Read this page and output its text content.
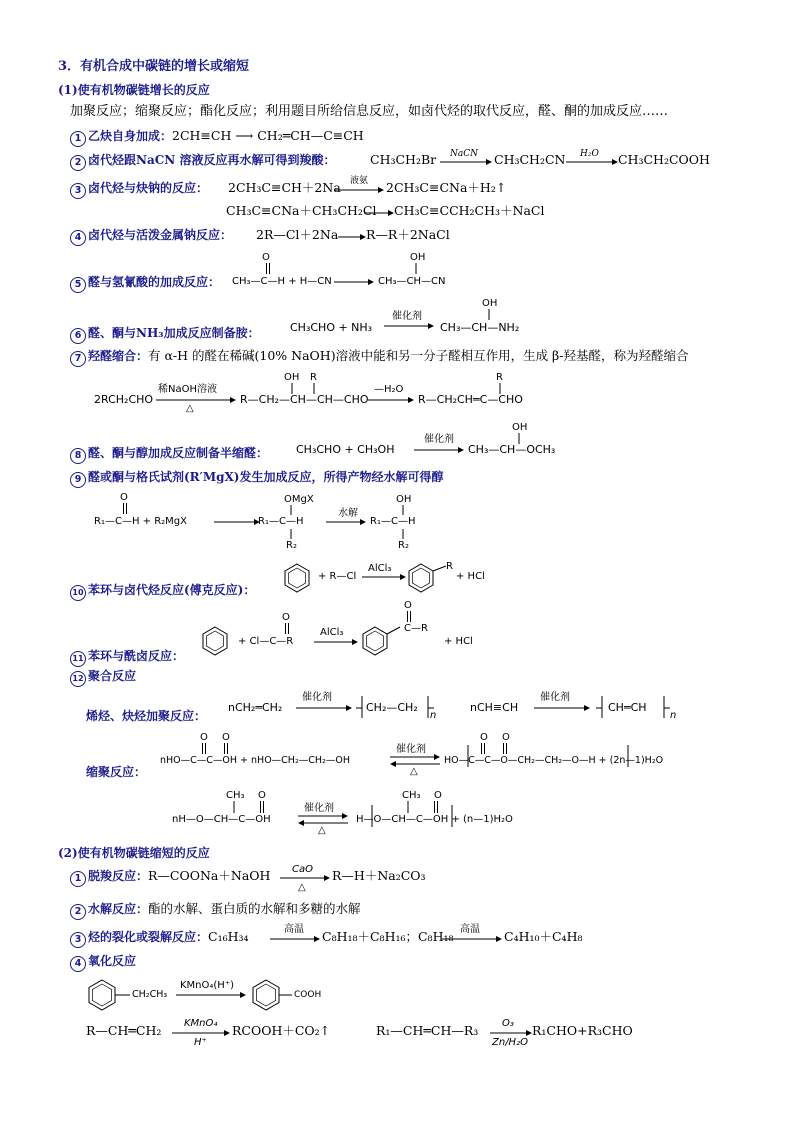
3．有机合成中碳链的增长或缩短
(1)使有机物碳链增长的反应
加聚反应；缩聚反应；酯化反应；利用题目所给信息反应，如卤代烃的取代反应，醛、酮的加成反应……
1 乙炔自身加成：2CH≡CH ⟶ CH₂═CH—C≡CH
2 卤代烃跟NaCN 溶液反应再水解可得到羧酸：	CH₃CH₂Br NaCN CH₃CH₂CN H₂O CH₃CH₂COOH
3 卤代烃与炔钠的反应： 2CH₃C≡CH＋2Na 液氨 2CH₃C≡CNa＋H₂↑
CH₃C≡CNa＋CH₃CH₂Cl CH₃C≡CCH₂CH₃＋NaCl
4 卤代烃与活泼金属钠反应： 2R—Cl＋2Na R—R＋2NaCl
5 醛与氢氰酸的加成反应：
O
CH₃—C—H + H—CN
OH
CH₃—CH—CN
6 醛、酮与NH₃加成反应制备胺：	CH₃CHO + NH₃
催化剂
OH
CH₃—CH—NH₂
7 羟醛缩合：有 α-H 的醛在稀碱(10% NaOH)溶液中能和另一分子醛相互作用，生成 β-羟基醛，称为羟醛缩合
2RCH₂CHO
稀NaOH溶液
△
OH R
R—CH₂—CH—CH—CHO
—H₂O
R
R—CH₂CH═C—CHO
8 醛、酮与醇加成反应制备半缩醛：	CH₃CHO + CH₃OH
催化剂
OH
CH₃—CH—OCH₃
9 醛或酮与格氏试剂(R′MgX)发生加成反应，所得产物经水解可得醇
O
R₁—C—H + R₂MgX
OMgX
R₁—C—H
R₂
水解
OH
R₁—C—H
R₂
10 苯环与卤代烃反应(傅克反应)：
+ R—Cl
AlCl₃	R
+ HCl
11 苯环与酰卤反应：
O
+ Cl—C—R
AlCl₃
O
C—R
+ HCl
12 聚合反应
烯烃、炔烃加聚反应：
nCH₂═CH₂
催化剂
CH₂—CH₂
n
nCH≡CH
催化剂
CH═CH
n
缩聚反应：
O O
nHO—C—C—OH + nHO—CH₂—CH₂—OH
催化剂
△
O O
HO—C—C—O—CH₂—CH₂—O—H + (2n—1)H₂O
CH₃ O
nH—O—CH—C—OH
催化剂
△
CH₃ O
H—O—CH—C—OH + (n—1)H₂O
(2)使有机物碳链缩短的反应
1 脱羧反应：R—COONa＋NaOH CaO
△
R—H＋Na₂CO₃
2 水解反应：酯的水解、蛋白质的水解和多糖的水解
3 烃的裂化或裂解反应：C₁₆H₃₄	高温 C₈H₁₈＋C₈H₁₆；C₈H₁₈ 高温 C₄H₁₀＋C₄H₈
4 氧化反应
CH₂CH₃
KMnO₄(H⁺)
COOH
R—CH═CH₂ KMnO₄
H⁺
RCOOH＋CO₂↑	R₁—CH═CH—R₃ O₃
Zn/H₂O
R₁CHO+R₃CHO
